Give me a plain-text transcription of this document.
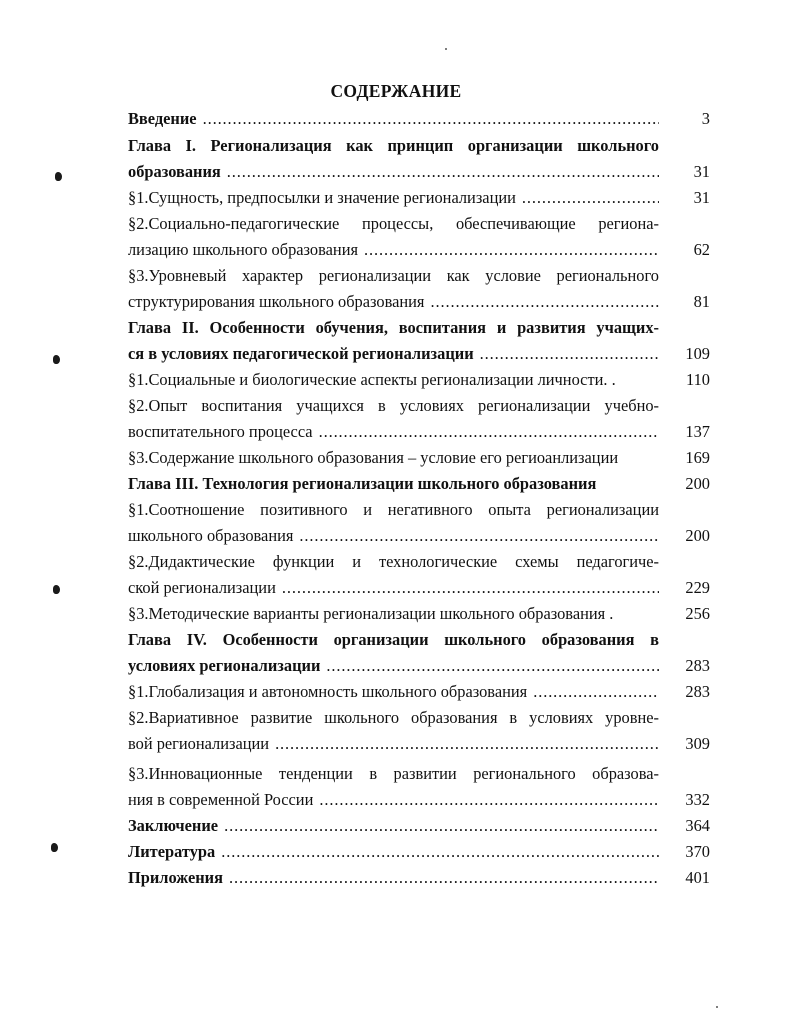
СОДЕРЖАНИЕ
Введение . . .	3
Глава I. Регионализация как принцип организации школьного
образования . . .	31
§1.Сущность, предпосылки и значение регионализации . . .	31
§2.Социально-педагогические процессы, обеспечивающие регионa-
лизацию школьного образования . . .	62
§3.Уровневый характер регионализации как условие регионального
структурирования школьного образования . . .	81
Глава II. Особенности обучения, воспитания и развития учащих-
ся в условиях педагогической регионализации . . .	109
§1.Социальные и биологические аспекты регионализации личности. .	110
§2.Опыт воспитания учащихся в условиях регионализации учебно-
воспитательного процесса . . .	137
§3.Содержание школьного образования – условие его региоанлизации	169
Глава III. Технология регионализации школьного образования	200
§1.Соотношение позитивного и негативного опыта регионализации
школьного образования . . .	200
§2.Дидактические функции и технологические схемы педагогиче-
ской регионализации . . .	229
§3.Методические варианты регионализации школьного образования .	256
Глава IV. Особенности организации школьного образования в
условиях регионализации . . .	283
§1.Глобализация и автономность школьного образования . . .	283
§2.Вариативное развитие школьного образования в условиях уровне-
вой регионализации . . .	309
§3.Инновационные тенденции в развитии регионального образова-
ния в современной России . . .	332
Заключение . . .	364
Литература . . .	370
Приложения . . .	401
